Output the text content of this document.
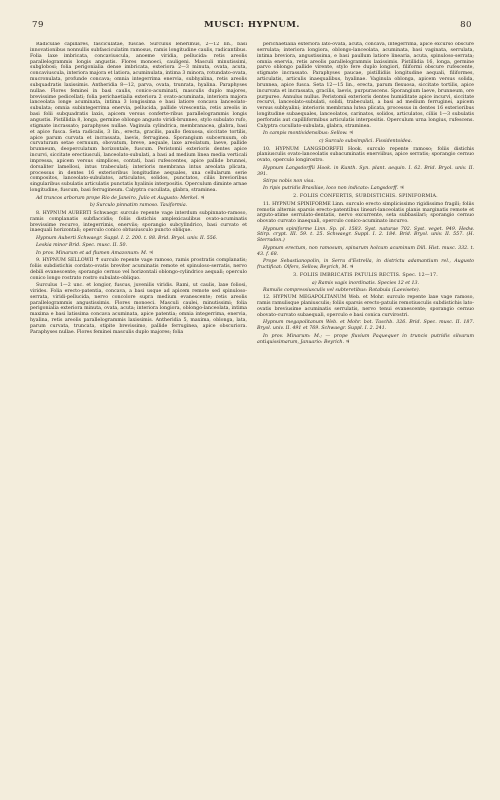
79	MUSCI: HYPNUM.	80

Radiculae capillares, fasciculatae, fuscae. Surculus lenerimus, 2—12 lin., basi innovationibus nonnullis subfasciculatim ramosus, ramis longitudine caulis, radicantibus. Folia laxe imbricata, concaviuscula, anoeme viridia, pellucida: retis areolis parallelogrammis longis angustis. Flores monoeci, cauligeni. Masculi minutissimi, subglobosi; folia perigonialia dense imbricata, exteriora 2—3 minuta, ovata, acuta, concaviuscula, interiora majora et latiora, acuminulata, intima 3 minora, rotundato-ovata, mucronulata, profunde concava; omnia integerrima enervia, subhyalina, retis areolis subquadratis laxissimis. Antheridia 8—12, parva, ovata, trunrata, hyalina. Paraphyses nullae. Flores feminei in basi caulis, conico-acuminati, masculis duplo majores, brevissime pedicellati; folia perichaetialia exteriora 2 ovato-acuminata, interiora majora lanceolata longe acuminata, intima 3 longissima e basi latiore concava lanceolato-subulata; omnia subintegerrima enervia, pellucida, pallide virescentia, retis areolis in basi folii subquadratis laxis, apicem versus conferte-ribus parallelogrammis longis angustis. Pistillidia 8, longa, germine oblongo angusto viridi-brunneo, stylo subulato rufo, stigmate incrassato; paraphyses nullae. Vaginula cylindrica, membranacea, glabra, basi et apice fusca. Seta radicalis, 3 lin., erecta, gracilis, paullo flexuosa, siccitate tortilis, apice parum curvata et incrassata, laevis, ferruginea. Sporangium subcernuum, ob curvaturam setae cernuum, obovatum, breve, aequale, laxe areolatum, laeve, pallide brunneum, deoperculatum horizontale, fuscum. Peristomii exterioris dentes apice incurvi, siccitate erectiusculi, lanceolato-subulati, a basi ad medium linea media verticali impressa, apicem versus simplices, contati, basi rufescentes, apice pallide brunnei, dorsaliter lamellosi, intus trabeculati; interioris membrana intus areolata plicata, processus in dentes 16 exterioribus longitudine aequales, una cellularum serie compositos, lanceolato-subulatos, articulatos, solidos, punctatos, ciliis brevioribus singularibus subulatis articulatis punctatis hyalinis interpositis. Operculum diminte arnae longitudine, fuscum, basi ferrugineum. Calyptra cucullata, glabra, straminea.

Ad truncos arborum prope Rio de Janeiro, Julio et Augusto: Merkel. ♃

b) Surculo pinnatim ramoso. Taxiformia.

8. HYPNUM AUBERTI Schwaegr. surculo repente vage interdum subpinnato-ramoso, ramis complanatis subflaccidis; foliis distichis amplexicaulibus ovato-acuminatis brevissime recurvo, integerrimis, enerviis; sporangio subcylindrico, basi curvato et inaequali horizontali; operculo conico obtusiusculo puncto oblique.

Hypnum Auberti Schwaegr. Suppl. I. 2. 200. t. 88. Brid. Bryol. univ. II. 556.

Leskia minor Brid. Spec. musc. II. 50.

In prov. Minarum et ad flumen Amazonum: M. ♃

9. HYPNUM SELLOWII ✝ surculo repente vage ramoso, ramis prostratis complanatis; foliis subdistichis cordato-ovatis breviter acuminatis remote et spinuloso-serratis, nervo debili evanescente; sporangio cernuo vel horizontali oblongo-cylindrico aequali; operculo conico longo rostrato rostro subulato-obliquo.

Surculus 1—2 unc. et longior, fuscus, juvenilis viridis. Rami, ut caulis, laxe foliosi, virides. Folia erecto-patentia, concava, a basi usque ad apicem remote sed spinuloso-serrata, viridi-pellucida, nervo concolore supra medium evanescente; retis areolis parallelogrammis angustissimis. Flores monoeci. Masculi caulei, minutissimi; folia perigonialia exteriora minuta, ovata, acuta; interiora longiora, oblongo-lanceolata, intima maxima e basi latissima concava acuminata, apice patentia; omnia integerrima, enervia, hyalina, retis areolis parallelogrammis laxissimis. Antheridia 5, maxima, oblonga, lata, parum curvata, truncata, stipite brevissimo, pallide ferruginea, apice obscuriora. Paraphyses nullae. Flores feminei masculis duplo majores; folia

perichaetialia exteriora lato-ovata, acuta, concava, integerrima, apice excurso obscure serrulata; interiora longiora, oblongo-lanceolata, acuminata, basi vaginata, serrulata, intima breviora, angustissima, e basi paullum latiore linearia, acuta, spinuloso-serrata; omnia enervia, retis areolis parallelogrammis laxissimis. Pistillidia 16, longa, germine parvo oblongo pallide virente, stylo fere duplo longiori, filiformi obscure rufescente, stigmate incrassato. Paraphyses paucae, pistillidiis longitudine aequali, filiformes, articulatis, articulis inaequalibus, hyalinae. Vaginula oblonga, apicem versus solida, brunnea, apice fusca. Seta 12—15 lin., erecta, parum flexuosa, siccitate tortilis, apice incurvata et incrassata, gracilis, laevis, purpurascens. Sporangium laeve, brunneum, ore purpureo. Annulus nullus. Peristomii exterioris dentes humiditate apice incurvi, siccitate recurvi, lanceolato-subulati, solidi, trabeculati, a basi ad medium ferruginei, apicem versus subhyalini; interioris membrana lutea plicata, processus in dentes 16 exterioribus longitudine subaequales, lanceolatos, carinatos, solidos, articulatos, ciliis 1—3 subulatis perforatis aut capilliformibus articulatis interpositis. Operculum urna longius, rufescens. Calyptra cucullato-subulata, glabra, straminea.

In campis montividensibus: Sellow. ♃

c) Surculo subsimplici. Fissidentoidea.

10. HYPNUM LANGSDORFFII Hook. surculo repente ramoso; foliis distichis planiusculis ovato-lanceolatis subacuminatis enerviibus, apice serratis; sporangio cernuo ovato, operculo longirostro.

Hypnum Langsdorffii Hook. in Kunth. Syn. plant. aequin. I. 62. Brid. Bryol. univ. II. 391.

Stirps nobis non visa.

In ripis putridis Brasiliae, loco non indicato: Langsdorff. ♃

2. FOLIIS CONFERTIS, SUBDISTICHIS. SPINIFORMIA.

11. HYPNUM SPINIFORME Linn. surculo erecto simplicissimo rigidissimo fragili; foliis remotis alternis sparsis erecto-patentibus lineari-lanceolatis planis marginatis remote et arguto-atime serrulato-dentatis, nervo excurrente, seta subbasilari; sporangio cernuo obovato curvato inaequali, operculo conico-acuminato incurvo.

Hypnum spiniforme Linn. Sp. pl. 1583. Syst. naturae 702. Syst. veget. 949. Hedw. Stirp. crypt. III. 59. t. 25. Schwaegr. Suppl. I. 2. 184. Brid. Bryol. univ. II. 557. (H. Sterradon.)

Hypnum erectum, non ramosum, spinarum holcum acuminum Dill. Hist. musc. 332. t. 43. f. 68.

Prope Sebastianopolin, in Serra d'Estrella, in districtu adamantium rel., Augusto fructificat: Olfers, Sellow, Beyrich, M. ♃

3. FOLIIS IMBRICATIS PATULIS RECTIS. Spec. 12—17.

a) Ramis vagis inordinatis. Species 12 et 13.

Ramulis compressiusculis vel subteretibus: Rotabula (Laevisete).

12. HYPNUM MEGAPOLITANUM Web. et Mohr. surculo repente laxe vage ramoso, ramis ramulisque planiusculis; foliis sparsis erecto-patulis remotiusculis subdistichis lato-ovatis breviusime acuminatis serrulatis, nervo tenui evanescente; sporangio cernuo obovato-curvato subaequali, operculo e basi conica curvirostri.

Hypnum megapolitanum Web. et Mohr. bot. Taschb. 326. Brid. Spec. musc. II. 187. Bryol. univ. II. 491 et 769. Schwaegr. Suppl. I. 2. 241.

In prov. Minarum: M.; — prope fluvium Paquequer in truncis putridis silvarum antiquissimarum, Januario: Beyrich. ♃
